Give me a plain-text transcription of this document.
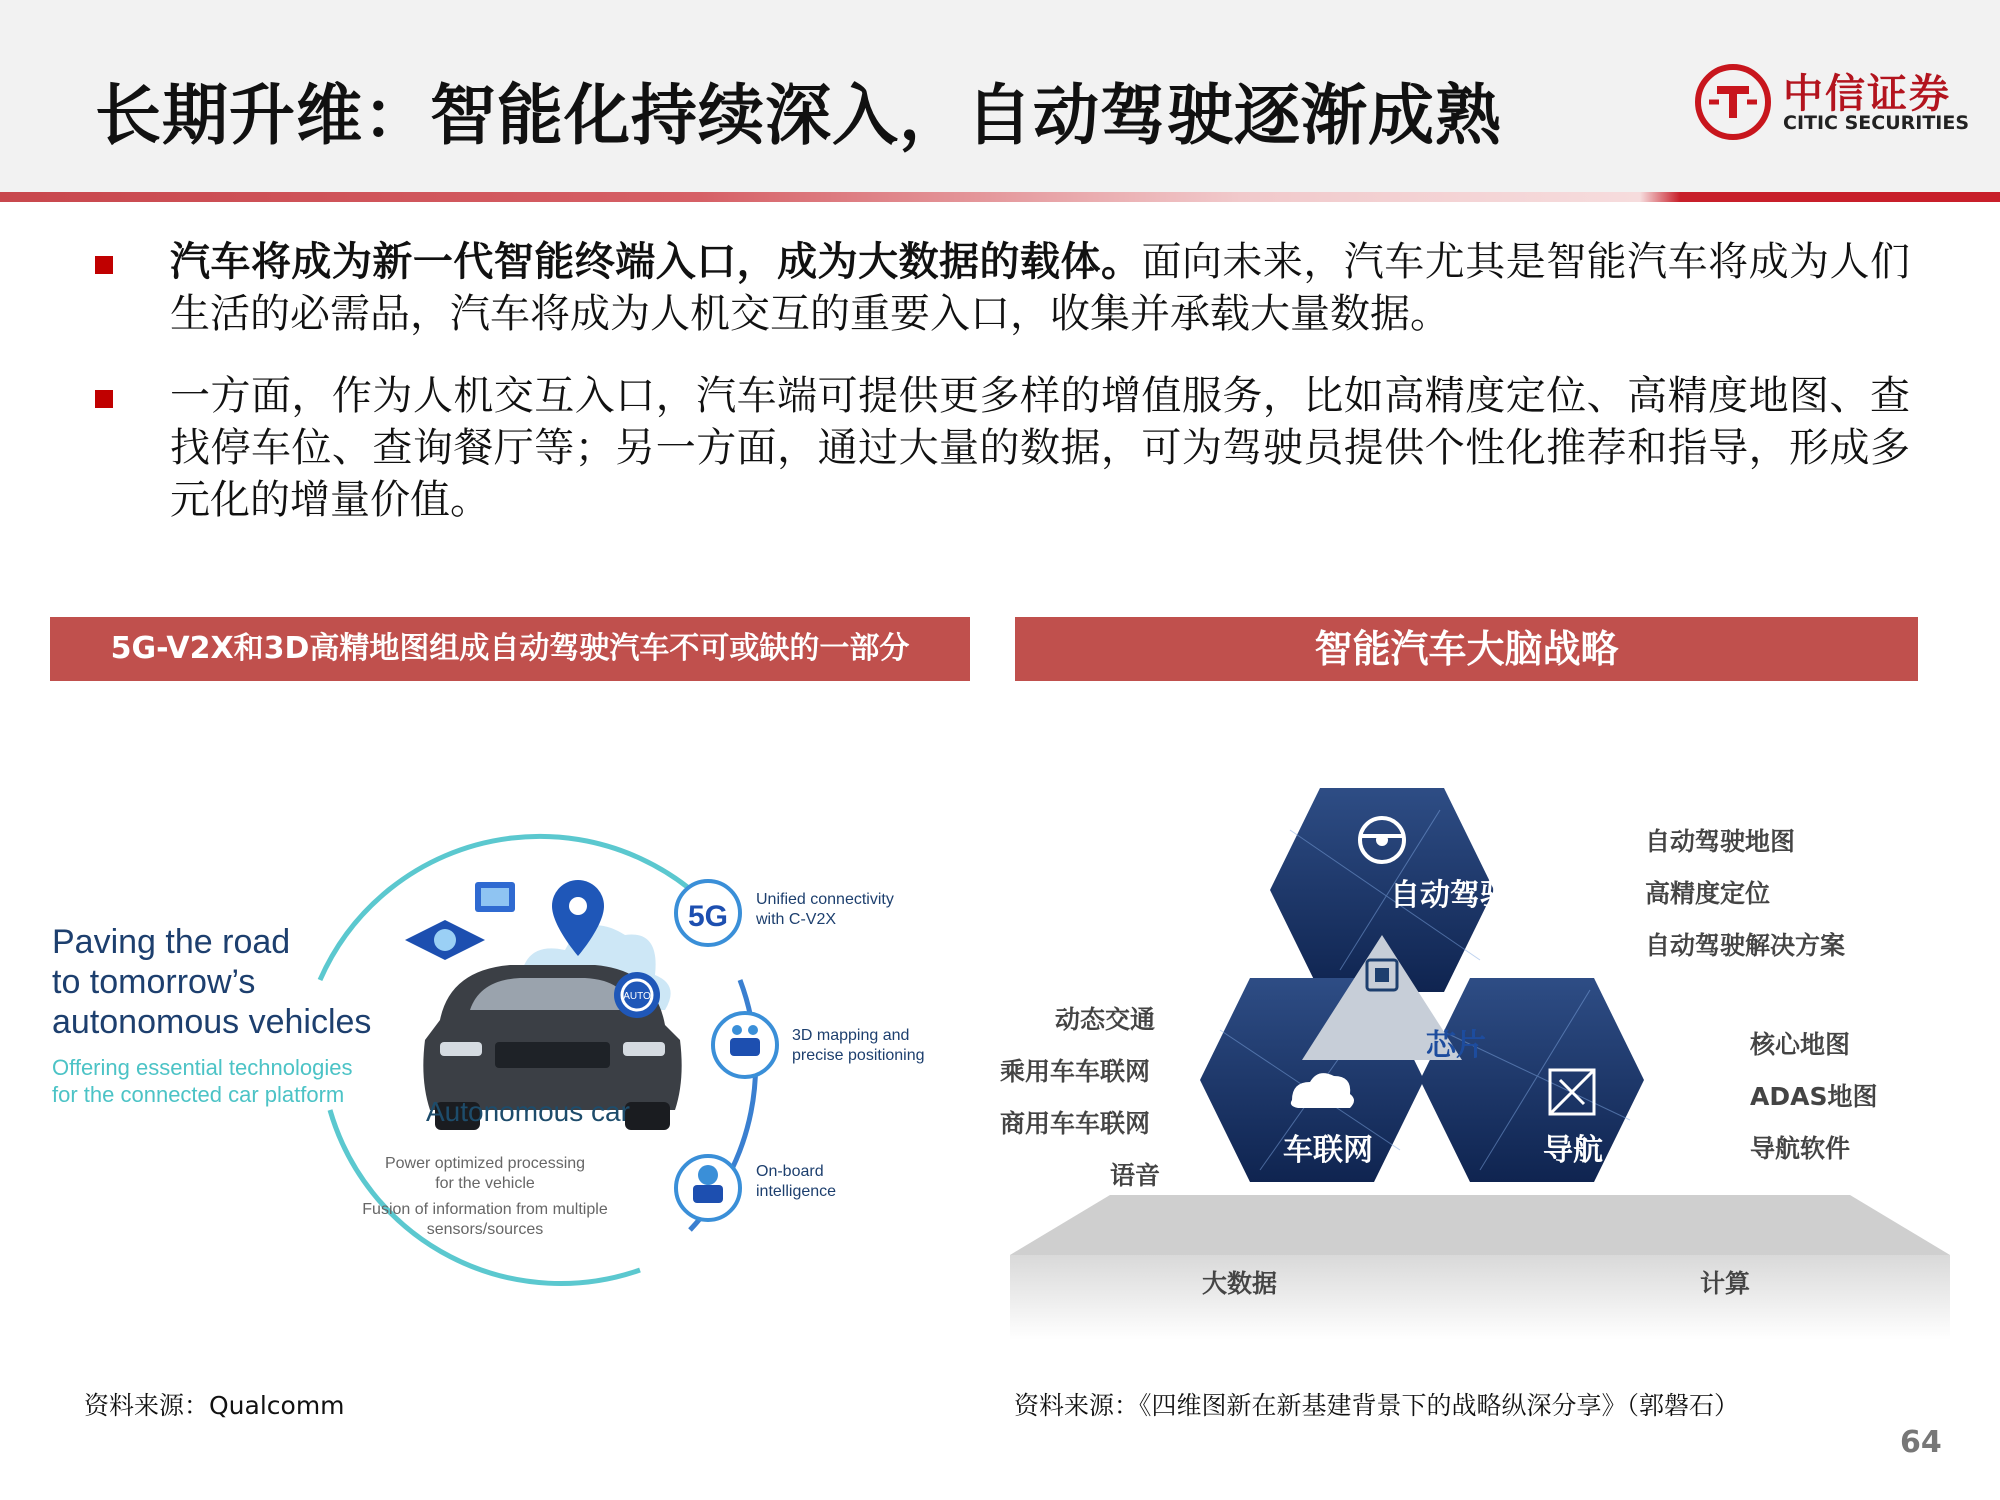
长期升维：智能化持续深入，自动驾驶逐渐成熟	中信证券
CITIC SECURITIES
汽车将成为新一代智能终端入口，成为大数据的载体。面向未来，汽车尤其是智能汽车将成为人们生活的必需品，汽车将成为人机交互的重要入口，收集并承载大量数据。
一方面，作为人机交互入口，汽车端可提供更多样的增值服务，比如高精度定位、高精度地图、查找停车位、查询餐厅等；另一方面，通过大量的数据，可为驾驶员提供个性化推荐和指导，形成多元化的增量价值。
5G-V2X和3D高精地图组成自动驾驶汽车不可或缺的一部分	智能汽车大脑战略
AUTO
5G
Paving the road
to tomorrow’s
autonomous vehicles
Offering essential technologies
for the connected car platform
Autonomous car
Power optimized processing
for the vehicle
Fusion of information from multiple
sensors/sources
Unified connectivity
with C-V2X
3D mapping and
precise positioning
On-board
intelligence
资料来源：Qualcomm
自动驾驶
芯片
车联网	导航
自动驾驶地图
高精度定位
自动驾驶解决方案
动态交通
乘用车车联网
商用车车联网
语音
核心地图
ADAS地图
导航软件
大数据	计算
资料来源：《四维图新在新基建背景下的战略纵深分享》（郭磐石）
64
